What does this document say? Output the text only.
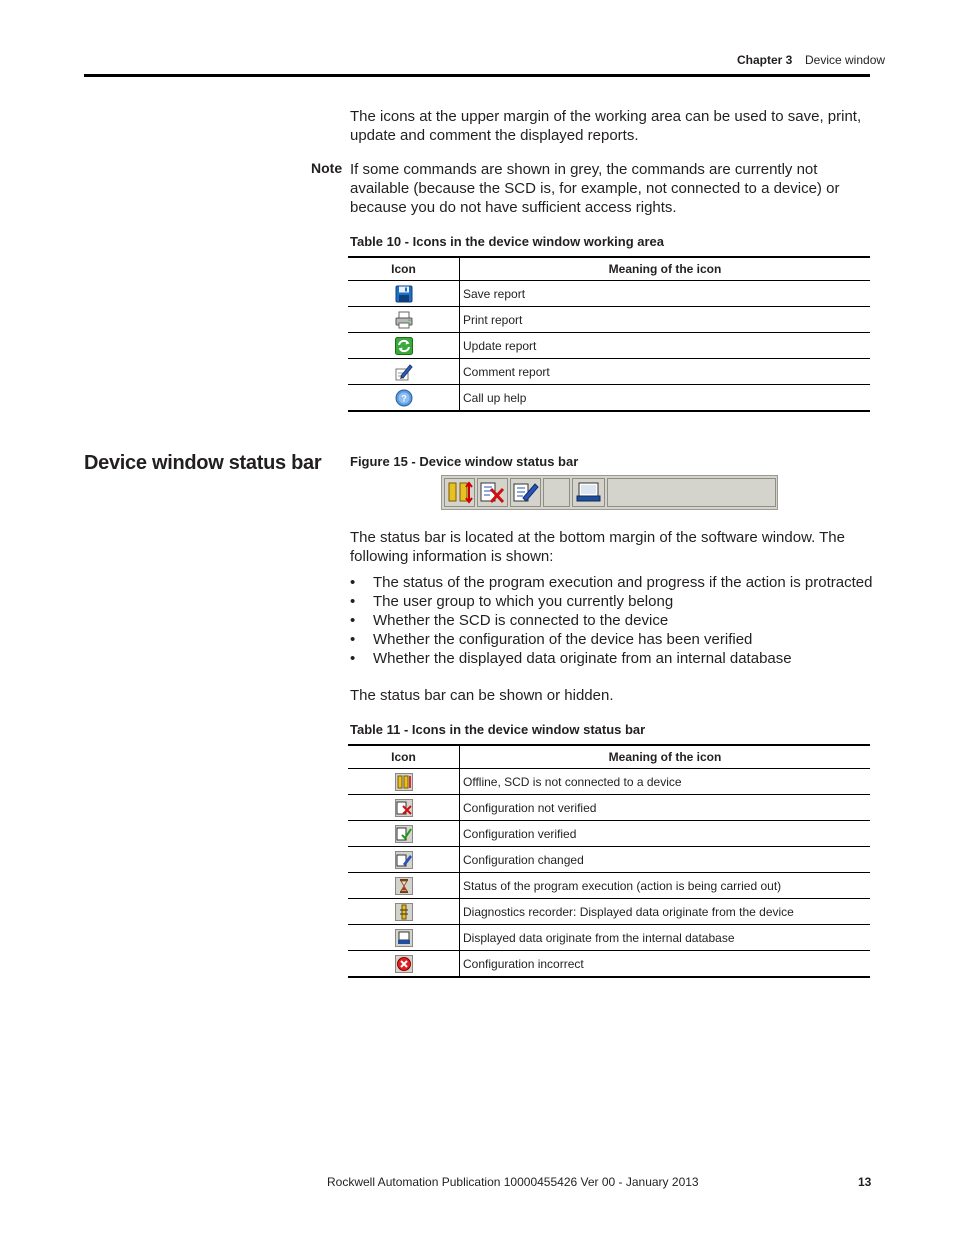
Chapter 3 Device window
The icons at the upper margin of the working area can be used to save, print, update and comment the displayed reports.
Note If some commands are shown in grey, the commands are currently not available (because the SCD is, for example, not connected to a device) or because you do not have sufficient access rights.
Table 10 - Icons in the device window working area
Icon	Meaning of the icon
	Save report
	Print report
	Update report
	Comment report

?	Call up help
Device window status bar Figure 15 - Device window status bar
The status bar is located at the bottom margin of the software window. The following information is shown:
• The status of the program execution and progress if the action is protracted
• The user group to which you currently belong
• Whether the SCD is connected to the device
• Whether the configuration of the device has been verified
• Whether the displayed data originate from an internal database
The status bar can be shown or hidden.
Table 11 - Icons in the device window status bar
Icon	Meaning of the icon
	Offline, SCD is not connected to a device
	Configuration not verified
	Configuration verified
	Configuration changed
	Status of the program execution (action is being carried out)
	Diagnostics recorder: Displayed data originate from the device
	Displayed data originate from the internal database
	Configuration incorrect
Rockwell Automation Publication 10000455426 Ver 00 - January 2013	13
